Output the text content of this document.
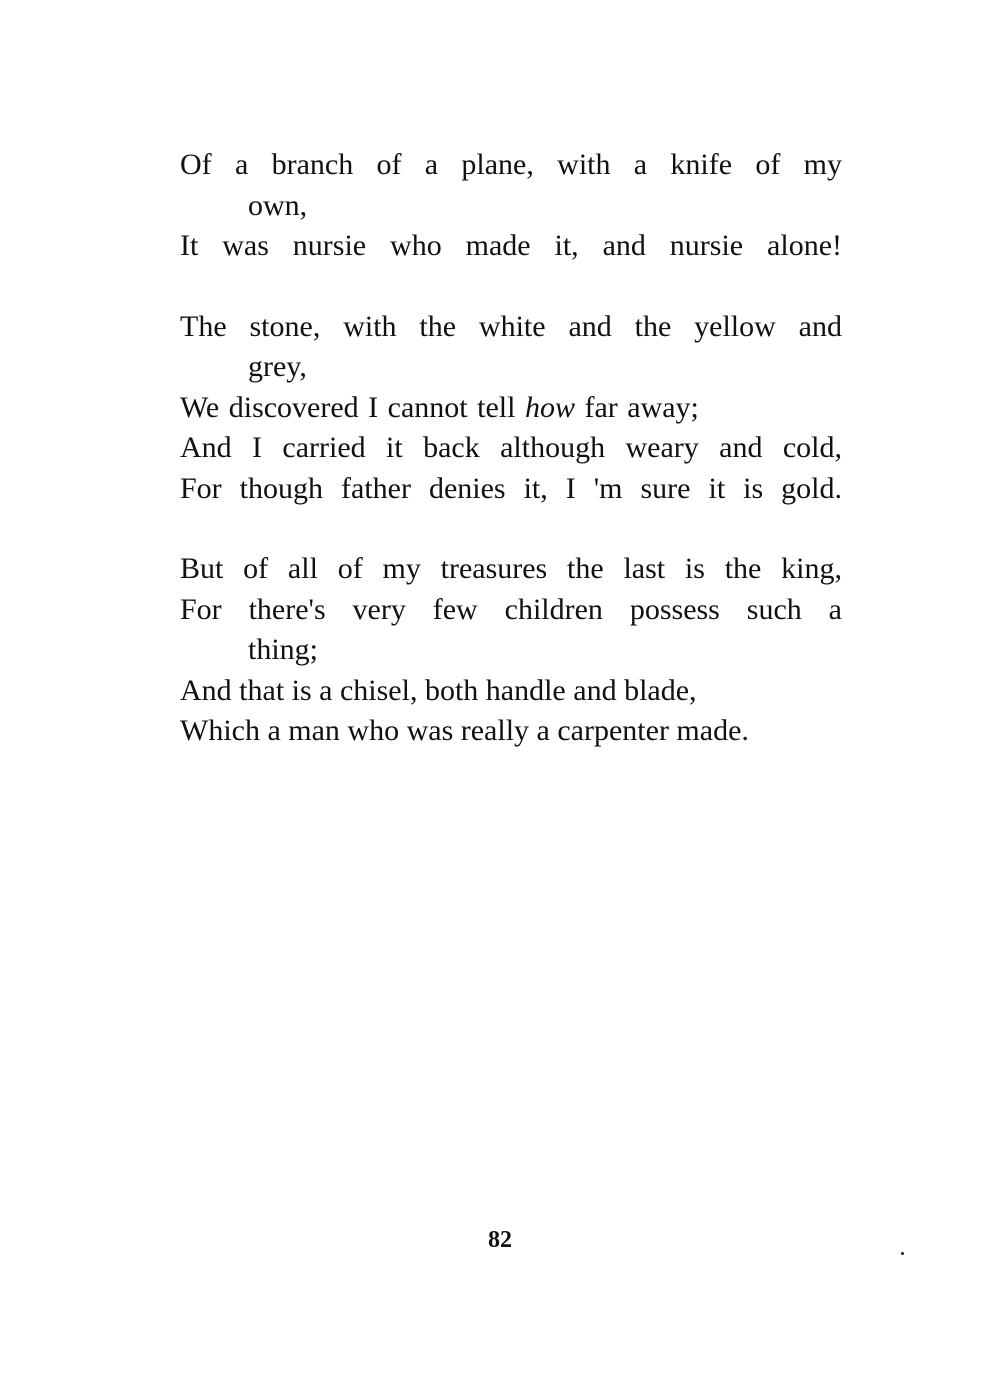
Of a branch of a plane, with a knife of my
own,
It was nursie who made it, and nursie alone!
The stone, with the white and the yellow and
grey,
We discovered I cannot tell how far away;
And I carried it back although weary and cold,
For though father denies it, I 'm sure it is gold.
But of all of my treasures the last is the king,
For there's very few children possess such a
thing;
And that is a chisel, both handle and blade,
Which a man who was really a carpenter made.
82
